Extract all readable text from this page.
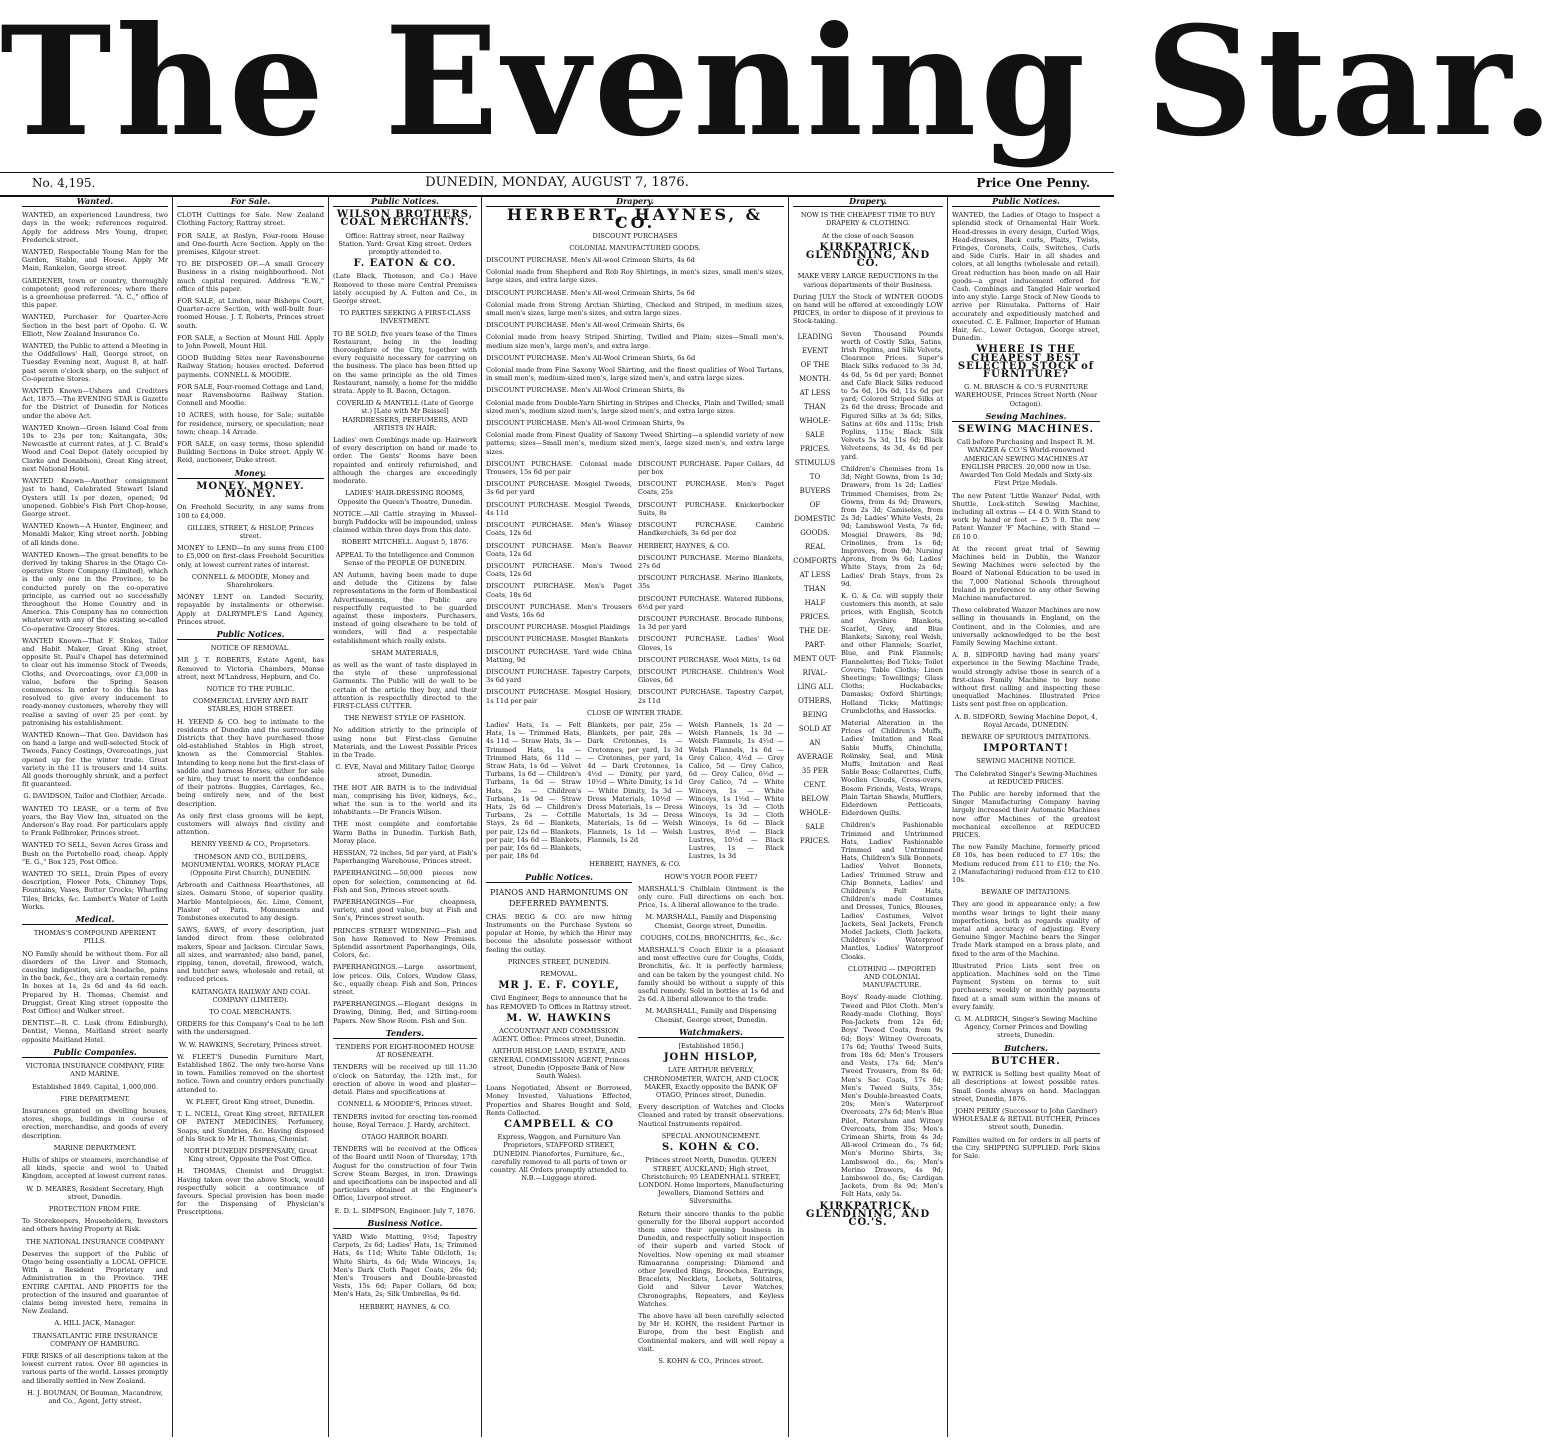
The Evening Star.
No. 4,195.	DUNEDIN, MONDAY, AUGUST 7, 1876.	Price One Penny.
Wanted.

WANTED, an experienced Laundress, two days in the week; references required. Apply for address Mrs Young, draper, Frederick street.

WANTED, Respectable Young Man for the Garden, Stable, and House. Apply Mr Main, Rankelon, George street.

GARDENER, town or country, thoroughly competent; good references; where there is a greenhouse preferred. "A. C.," office of this paper.

WANTED, Purchaser for Quarter-Acre Section in the best part of Opoho. G. W. Elliott, New Zealand Insurance Co.

WANTED, the Public to attend a Meeting in the Oddfellows' Hall, George street, on Tuesday Evening next, August 8, at half-past seven o'clock sharp, on the subject of Co-operative Stores.

WANTED Known—Ushers and Creditors Act, 1875.—The EVENING STAR is Gazette for the District of Dunedin for Notices under the above Act.

WANTED Known—Green Island Coal from 10s to 23s per ton; Kaitangata, 30s; Newcastle at current rates, at J. C. Brald's Wood and Coal Depot (lately occupied by Clarke and Donaldson), Great King street, next National Hotel.

WANTED Known—Another consignment just to hand, Celebrated Stewart Island Oysters still 1s per dozen, opened; 9d unopened. Gobbie's Fish Port Chop-house, George street.

WANTED Known—A Hunter, Engineer, and Monaldi Maker, King street north. Jobbing of all kinds done.

WANTED Known—The great benefits to be derived by taking Shares in the Otago Co-operative Store Company (Limited), which is the only one in the Province, to be conducted purely on the co-operative principle, as carried out so successfully throughout the Home Country and in America. This Company has no connection whatever with any of the existing so-called Co-operative Grocery Stores.

WANTED Known—That F. Stokes, Tailor and Habit Maker, Great King street, opposite St. Paul's Chapel has determined to clear out his immense Stock of Tweeds, Cloths, and Overcoatings, over £3,000 in value, before the Spring Season commences. In order to do this he has resolved to give every inducement to ready-money customers, whereby they will realise a saving of over 25 per cent. by patronising his establishment.

WANTED Known—That Geo. Davidson has on hand a large and well-selected Stock of Tweeds, Fancy Costings, Overcoatings, just opened up for the winter trade. Great variety in the 11 is trousers and 14 suits. All goods thoroughly shrunk, and a perfect fit guaranteed.

G. DAVIDSON, Tailor and Clothier, Arcade.

WANTED TO LEASE, or a term of five years, the Bay View Inn, situated on the Anderson's Bay road. For particulars apply to Frank Fellbroker, Princes street.

WANTED TO SELL, Seven Acres Grass and Bush on the Portobello road, cheap. Apply "E. G.," Box 125, Post Office.

WANTED TO SELL, Drain Pipes of every description, Flower Pots, Chimney Tops, Fountains, Vases, Butter Crocks; Wharfing Tiles, Bricks, &c. Lambert's Water of Leith Works.

Medical.

THOMAS'S COMPOUND APERIENT PILLS.

NO Family should be without them. For all disorders of the Liver and Stomach, causing indigestion, sick headache, pains in the back, &c., they are a certain remedy. In boxes at 1s, 2s 6d and 4s 6d each. Prepared by H. Thomas, Chemist and Druggist, Great King street (opposite the Post Office) and Walker street.

DENTIST.—R. C. Lusk (from Edinburgh), Dentist, Vienna, Maitland street nearly opposite Maitland Hotel.

Public Companies.

VICTORIA INSURANCE COMPANY, FIRE AND MARINE.

Established 1849. Capital, 1,000,000.

FIRE DEPARTMENT.

Insurances granted on dwelling houses, stores, shops, buildings in course of erection, merchandise, and goods of every description.

MARINE DEPARTMENT.

Hulls of ships or steamers, merchandise of all kinds, specie and wool to United Kingdom, accepted at lowest current rates.

W. D. MEARES, Resident Secretary, High street, Dunedin.

PROTECTION FROM FIRE.

To Storekeepers, Householders, Investors and others having Property at Risk.

THE NATIONAL INSURANCE COMPANY

Deserves the support of the Public of Otago being essentially a LOCAL OFFICE. With a Resident Proprietary and Administration in the Province. THE ENTIRE CAPITAL AND PROFITS for the protection of the insured and guarantee of claims being invested here, remains in New Zealand.

A. HILL JACK, Manager.

TRANSATLANTIC FIRE INSURANCE COMPANY OF HAMBURG.

FIRE RISKS of all descriptions taken at the lowest current rates. Over 80 agencies in various parts of the world. Losses promptly and liberally settled in New Zealand.

H. J. BOUMAN, Of Bouman, Macandrew, and Co., Agent, Jetty street.

For Sale.

CLOTH Cuttings for Sale. New Zealand Clothing Factory, Rattray street.

FOR SALE, at Roslyn, Four-room House and One-fourth Acre Section. Apply on the premises, Kilgour street.

TO BE DISPOSED OF.—A small Grocery Business in a rising neighbourhood. Not much capital required. Address "E.W.," office of this paper.

FOR SALE, at Linden, near Bishops Court, Quarter-acre Section, with well-built four-roomed House. J. T. Roberts, Princes street south.

FOR SALE, a Section at Mount Hill. Apply to John Powell, Mount Hill.

GOOD Building Sites near Ravensbourne Railway Station; houses erected. Deferred payments. CONNELL & MOODIE.

FOR SALE, Four-roomed Cottage and Land, near Ravensbourne Railway Station. Connell and Moodie.

10 ACRES, with house, for Sale; suitable for residence, nursery, or speculation; near town; cheap. 14 Arcade.

FOR SALE, on easy terms, those splendid Building Sections in Duke street. Apply W. Reid, auctioneer, Duke street.

Money.

MONEY. MONEY. MONEY.

On Freehold Security, in any sums from 100 to £4,000.

GILLIES, STREET, & HISLOP, Princes street.

MONEY to LEND—In any sums from £100 to £5,000 on first-class Freehold Securities only, at lowest current rates of interest.

CONNELL & MOODIE, Money and Sharebrokers.

MONEY LENT on Landed Security, repayable by instalments or otherwise. Apply at DALRYMPLE'S Land Agency, Princes street.

Public Notices.

NOTICE OF REMOVAL.

MR J. T. ROBERTS, Estate Agent, has Removed to Victoria Chambers, Manse street, next M'Landress, Hepburn, and Co.

NOTICE TO THE PUBLIC.

COMMERCIAL LIVERY AND BAIT STABLES, HIGH STREET.

H. YEEND & CO. beg to intimate to the residents of Dunedin and the surrounding Districts that they have purchased those old-established Stables in High street, known as the Commercial Stables. Intending to keep none but the first-class of saddle and harness Horses, either for sale or hire, they trust to merit the confidence of their patrons. Buggies, Carriages, &c., being entirely new, and of the best description.

As only first class grooms will be kept, customers will always find civility and attention.

HENRY YEEND & CO., Proprietors.

THOMSON AND CO., BUILDERS, MONUMENTAL WORKS, MORAY PLACE (Opposite First Church), DUNEDIN.

Arbroath and Caithness Hearthstones, all sizes. Oamaru Stone, of superior quality. Marble Mantelpieces, &c. Lime, Cement, Plaster of Paris. Monuments and Tombstones executed to any design.

SAWS, SAWS, of every description, just landed direct from these celebrated makers, Spear and Jackson. Circular Saws, all sizes, and warranted; also band, panel, ripping, tenon, dovetail, firewood, watch, and butcher saws, wholesale and retail, at reduced prices.

KAITANGATA RAILWAY AND COAL COMPANY (LIMITED).

TO COAL MERCHANTS.

ORDERS for this Company's Coal to be left with the undersigned.

W. W. HAWKINS, Secretary, Princes street.

W. FLEET'S Dunedin Furniture Mart, Established 1862. The only two-horse Vans in town. Families removed on the shortest notice. Town and country orders punctually attended to.

W. FLEET, Great King street, Dunedin.

T. L. NCELL, Great King street, RETAILER OF PATENT MEDICINES, Perfumery, Soaps, and Sundries, &c. Having disposed of his Stock to Mr H. Thomas, Chemist.

NORTH DUNEDIN DISPENSARY, Great King street, Opposite the Post Office.

H. THOMAS, Chemist and Druggist. Having taken over the above Stock, would respectfully solicit a continuance of favours. Special provision has been made for the Dispensing of Physician's Prescriptions.

Public Notices.

WILSON BROTHERS, COAL MERCHANTS.

Office: Rattray street, near Railway Station. Yard: Great King street. Orders promptly attended to.

F. EATON & CO.

(Late Black, Thomson, and Co.) Have Removed to those more Central Premises lately occupied by A. Fulton and Co., in George street.

TO PARTIES SEEKING A FIRST-CLASS INVESTMENT.

TO BE SOLD, five years lease of the Times Restaurant, being in the leading thoroughfare of the City, together with every requisite necessary for carrying on the business. The place has been fitted up on the same principle as the old Times Restaurant, namely, a home for the middle strata. Apply to R. Bacon, Octagon.

COVERLID & MANTELL (Late of George st.) [Late with Mr Beissel] HAIRDRESSERS, PERFUMERS, AND ARTISTS IN HAIR.

Ladies' own Combings made up. Hairwork of every description on hand or made to order. The Gents' Rooms have been repainted and entirely refurnished, and although the charges are exceedingly moderate.

LADIES' HAIR-DRESSING ROOMS, Opposite the Queen's Theatre, Dunedin.

NOTICE.—All Cattle straying in Mussel-burgh Paddocks will be impounded, unless claimed within three days from this date.

ROBERT MITCHELL. August 5, 1876.

APPEAL To the Intelligence and Common Sense of the PEOPLE OF DUNEDIN.

AN Autumn, having been made to dupe and delude the Citizens by false representations in the form of Bombastical Advertisements, the Public are respectfully requested to be guarded against these imposters. Purchasers, instead of going elsewhere to be told of wonders, will find a respectable establishment which really exists.

SHAM MATERIALS,

as well as the want of taste displayed in the style of these unprofessional Garments. The Public will do well to be certain of the article they buy, and their attention is respectfully directed to the FIRST-CLASS CUTTER.

THE NEWEST STYLE OF FASHION.

No addition strictly to the principle of using none but First-class Genuine Materials, and the Lowest Possible Prices in the Trade.

C. EVE, Naval and Military Tailor, George street, Dunedin.

THE HOT AIR BATH is to the individual man, comprising his liver, kidneys, &c., what the sun is to the world and its inhabitants.—Dr Francis Wilson.

THE most complete and comfortable Warm Baths in Dunedin. Turkish Bath, Moray place.

HESSIAN, 72 inches, 5d per yard, at Fish's Paperhanging Warehouse, Princes street.

PAPERHANGING.—50,000 pieces now open for selection, commencing at 6d. Fish and Son, Princes street south.

PAPERHANGINGS—For cheapness, variety, and good value, buy at Fish and Son's, Princes street south.

PRINCES STREET WIDENING—Fish and Son have Removed to New Premises. Splendid assortment Paperhangings, Oils, Colors, &c.

PAPERHANGINGS.—Large assortment, low prices. Oils, Colors, Window Glass, &c., equally cheap. Fish and Son, Princes street.

PAPERHANGINGS.—Elegant designs in Drawing, Dining, Bed, and Sitting-room Papers. New Show Room. Fish and Son.

Tenders.

TENDERS FOR EIGHT-ROOMED HOUSE AT ROSENEATH.

TENDERS will be received up till 11.30 o'clock on Saturday, the 12th inst., for erection of above in wood and plaster—detail. Plans and specifications at

CONNELL & MOODIE'S, Princes street.

TENDERS invited for erecting ten-roomed house, Royal Terrace. J. Hardy, architect.

OTAGO HARBOR BOARD.

TENDERS will be received at the Offices of the Board until Noon of Thursday, 17th August for the construction of four Twin Screw Steam Barges, in iron. Drawings and specifications can be inspected and all particulars obtained at the Engineer's Office, Liverpool street.

E. D. L. SIMPSON, Engineer. July 7, 1876.

Business Notice.

YARD Wide Matting, 9½d; Tapestry Carpets, 2s 6d; Ladies' Hats, 1s; Trimmed Hats, 4s 11d; White Table Oilcloth, 1s; White Shirts, 4s 6d; Wide Winceys, 1s; Men's Dark Cloth Paget Coats, 26s 6d; Men's Trousers and Double-breasted Vests, 15s 6d; Paper Collars, 6d box; Men's Hats, 2s; Silk Umbrellas, 9s 6d.

HERBERT, HAYNES, & CO.

Drapery.

HERBERT, HAYNES, & CO.

DISCOUNT PURCHASES

COLONIAL MANUFACTURED GOODS.

DISCOUNT PURCHASE. Men's All-wool Crimean Shirts, 4s 6d

Colonial made from Shepherd and Rob Roy Shirtings, in men's sizes, small men's sizes, large sizes, and extra large sizes.

DISCOUNT PURCHASE. Men's All-wool Crimean Shirts, 5s 6d

Colonial made from Strong Arctian Shirting, Checked and Striped, in medium sizes, small men's sizes, large men's sizes, and extra large sizes.

DISCOUNT PURCHASE. Men's All-wool Crimean Shirts, 6s

Colonial made from heavy Striped Shirting, Twilled and Plain; sizes—Small men's, medium size men's, large men's, and extra large.

DISCOUNT PURCHASE. Men's All-Wool Crimean Shirts, 6s 6d

Colonial made from Fine Saxony Wool Shirting, and the finest qualities of Wool Tartans, in small men's, medium-sized men's, large sized men's, and extra large sizes.

DISCOUNT PURCHASE. Men's All-Wool Crimean Shirts, 8s

Colonial made from Double-Yarn Shirting in Stripes and Checks, Plain and Twilled; small sized men's, medium sized men's, large sized men's, and extra large sizes.

DISCOUNT PURCHASE. Men's All-wool Crimean Shirts, 9s

Colonial made from Finest Quality of Saxony Tweed Shirting—a splendid variety of new patterns; sizes—Small men's, medium sized men's, large sized men's, and extra large sizes.

DISCOUNT PURCHASE. Colonial made Trousers, 15s 6d per pair

DISCOUNT PURCHASE. Mosgiel Tweeds, 3s 6d per yard

DISCOUNT PURCHASE. Mosgiel Tweeds, 4s 11d

DISCOUNT PURCHASE. Men's Winsey Coats, 12s 6d

DISCOUNT PURCHASE. Men's Beaver Coats, 12s 6d

DISCOUNT PURCHASE. Men's Tweed Coats, 12s 6d

DISCOUNT PURCHASE. Men's Paget Coats, 18s 6d

DISCOUNT PURCHASE. Men's Trousers and Vests, 16s 6d

DISCOUNT PURCHASE. Mosgiel Plaidings

DISCOUNT PURCHASE. Mosgiel Blankets

DISCOUNT PURCHASE. Yard wide China Matting, 9d

DISCOUNT PURCHASE. Tapestry Carpets, 3s 6d yard

DISCOUNT PURCHASE. Mosgiel Hosiery, 1s 11d per pair

DISCOUNT PURCHASE. Paper Collars, 4d per box

DISCOUNT PURCHASE. Men's Paget Coats, 25s

DISCOUNT PURCHASE. Knickerbocker Suits, 8s

DISCOUNT PURCHASE. Cambric Handkerchiefs, 3s 6d per doz

HERBERT, HAYNES, & CO.

DISCOUNT PURCHASE. Merino Blankets, 27s 6d

DISCOUNT PURCHASE. Merino Blankets, 35s

DISCOUNT PURCHASE. Watered Ribbons, 6½d per yard

DISCOUNT PURCHASE. Brocade Ribbons, 1s 3d per yard

DISCOUNT PURCHASE. Ladies' Wool Gloves, 1s

DISCOUNT PURCHASE. Wool Mitts, 1s 6d

DISCOUNT PURCHASE. Children's Wool Gloves, 6d

DISCOUNT PURCHASE. Tapestry Carpet, 2s 11d

CLOSE OF WINTER TRADE.

Ladies' Hats, 1s — Felt Hats, 1s — Trimmed Hats, 4s 11d — Straw Hats, 3s — Trimmed Hats, 1s — Trimmed Hats, 6s 11d — Straw Hats, 1s 6d — Velvet Turbans, 1s 6d — Children's Turbans, 1s 6d — Straw Hats, 2s — Children's Turbans, 1s 9d — Straw Hats, 2s 6d — Children's Turbans, 2s — Cottille Stays, 2s 6d — Blankets, per pair, 12s 6d — Blankets, per pair, 14s 6d — Blankets, per pair, 16s 6d — Blankets, per pair, 18s 6d
Blankets, per pair, 25s — Blankets, per pair, 28s — Dark Cretonnes, 1s — Cretonnes, per yard, 1s 3d — Cretonnes, per yard, 1s 4d — Dark Cretonnes, 1s 4½d — Dimity, per yard, 10½d — White Dimity, 1s 1d — White Dimity, 1s 3d — Dress Materials, 10½d — Dress Materials, 1s — Dress Materials, 1s 3d — Dress Materials, 1s 6d — Welsh Flannels, 1s 1d — Welsh Flannels, 1s 2d
Welsh Flannels, 1s 2d — Welsh Flannels, 1s 3d — Welsh Flannels, 1s 4½d — Welsh Flannels, 1s 6d — Grey Calico, 4½d — Grey Calico, 5d — Grey Calico, 6d — Grey Calico, 6½d — Grey Calico, 7d — White Winceys, 1s — White Winceys, 1s 1½d — White Winceys, 1s 3d — Cloth Winceys, 1s 3d — Cloth Winceys, 1s 6d — Black Lustres, 8½d — Black Lustres, 10½d — Black Lustres, 1s — Black Lustres, 1s 3d

HERBERT, HAYNES, & CO.

Public Notices.

PIANOS AND HARMONIUMS ON DEFERRED PAYMENTS.

CHAS. BEGG & CO. are now hiring Instruments on the Purchase System so popular at Home, by which the Hirer may become the absolute possessor without feeling the outlay.

PRINCES STREET, DUNEDIN.

REMOVAL.

MR J. E. F. COYLE,

Civil Engineer, Begs to announce that he has REMOVED To Offices in Rattray street.

M. W. HAWKINS

ACCOUNTANT AND COMMISSION AGENT. Office: Princes street, Dunedin.

ARTHUR HISLOP, LAND, ESTATE, AND GENERAL COMMISSION AGENT, Princes street, Dunedin (Opposite Bank of New South Wales).

Loans Negotiated, Absent or Borrowed, Money Invested, Valuations Effected, Properties and Shares Bought and Sold, Rents Collected.

CAMPBELL & CO

Express, Waggon, and Furniture Van Proprietors, STAFFORD STREET, DUNEDIN. Pianofortes, Furniture, &c., carefully removed to all parts of town or country. All Orders promptly attended to. N.B.—Luggage stored.

HOW'S YOUR POOR FEET?

MARSHALL'S Chilblain Ointment is the only cure. Full directions on each box. Price, 1s. A liberal allowance to the trade.

M. MARSHALL, Family and Dispensing Chemist, George street, Dunedin.

COUGHS, COLDS, BRONCHITIS, &c., &c.

MARSHALL'S Couch Elixir is a pleasant and most effective cure for Coughs, Colds, Bronchitis, &c. It is perfectly harmless, and can be taken by the youngest child. No family should be without a supply of this aseful remedy. Sold in bottles at 1s 6d and 2s 6d. A liberal allowance to the trade.

M. MARSHALL, Family and Dispensing Chemist, George street, Dunedin.

Watchmakers.

[Established 1856.]

JOHN HISLOP,

LATE ARTHUR BEVERLY, CHRONOMETER, WATCH, AND CLOCK MAKER, Exactly opposite the BANK OF OTAGO, Princes street, Dunedin.

Every description of Watches and Clocks Cleaned and rated by transit observations. Nautical Instruments repaired.

SPECIAL ANNOUNCEMENT.

S. KOHN & CO.

Princes street North, Dunedin. QUEEN STREET, AUCKLAND; High street, Christchurch; 95 LEADENHALL STREET, LONDON. Home Importers, Manufacturing Jewellers, Diamond Setters and Silversmiths.

Return their sincere thanks to the public generally for the liberal support accorded them since their opening business in Dunedin, and respectfully solicit inspection of their superb and varied Stock of Novelties. Now opening ex mail steamer Rimuaranna comprising: Diamond and other Jewelled Rings, Brooches, Earrings, Bracelets, Necklets, Lockets, Solitaires, Gold and Silver Lever Watches, Chronographs, Repeaters, and Keyless Watches.

The above have all been carefully selected by Mr H. KOHN, the resident Partner in Europe, from the best English and Continental makers, and will well repay a visit.

S. KOHN & CO., Princes street.

Drapery.

NOW IS THE CHEAPEST TIME TO BUY DRAPERY & CLOTHING.

At the close of each Season

KIRKPATRICK, GLENDINING, AND CO.

MAKE VERY LARGE REDUCTIONS In the various departments of their Business.

During JULY the Stock of WINTER GOODS on hand will be offered at exceedingly LOW PRICES, in order to dispose of it previous to Stock-taking.

LEADING
EVENT
OF THE
MONTH.
AT LESS
THAN
WHOLE-
SALE
PRICES.
STIMULUS
TO
BUYERS
OF
DOMESTIC
GOODS.
REAL
COMFORTS
AT LESS
THAN
HALF
PRICES.
THE DE-
PART-
MENT OUT-
RIVAL-
LING ALL
OTHERS,
BEING
SOLD AT
AN
AVERAGE
35 PER
CENT.
BELOW
WHOLE-
SALE
PRICES.

Seven Thousand Pounds worth of Costly Silks, Satins, Irish Poplins, and Silk Velvets, Clearance Prices. Super's Black Silks reduced to 3s 3d, 4s 6d, 5s 6d per yard; Bonnet and Cafe Black Silks reduced to 5s 6d, 10s 6d, 11s 6d per yard; Colored Striped Silks at 2s 6d the dress; Brocade and Figured Silks at 3s 6d; Silks, Satins at 60s and 115s; Irish Poplins, 115s; Black Silk Velvets 5s 3d, 11s 6d; Black Velveteens, 4s 3d, 4s 6d per yard.

Children's Chemises from 1s 3d; Night Gowns, from 1s 3d; Drawers, from 1s 2d; Ladies' Trimmed Chemises, from 2s; Gowns, from 4s 9d; Drawers, from 2s 3d; Camisoles, from 2s 3d; Ladies' White Vests, 2s 9d; Lambswool Vests, 7s 6d; Mosgiel Drawers, 8s 9d; Crinolines, from 1s 6d; Improvers, from 9d; Nursing Aprons, from 9s 6d; Ladies' White Stays, from 2s 6d; Ladies' Drab Stays, from 2s 9d.

K. G. & Co. will supply their customers this month, at sale prices, with English, Scotch and Ayrshire Blankets, Scarlet, Grey, and Blue Blankets; Saxony, real Welsh, and other Flannels; Scarlet, Blue, and Pink Flannels; Flannelettes; Bed Ticks; Toilet Covers; Table Cloths; Linen Sheetings; Towellings; Glass Cloths; Huckabacks; Damasks; Oxford Shirtings; Holland Ticks; Mattings; Crumbcloths, and Hassocks.

Material Alteration in the Prices of Children's Muffs, Ladies' Imitation and Real Sable Muffs, Chinchilla, Rolinsky, Seal, and Mink Muffs, Imitation and Real Sable Boas; Collarettes, Cuffs, Woollen Clouds, Cross-overs, Bosom Friends, Vests, Wraps, Plain Tartan Shawls, Mufflers, Eiderdown Petticoats, Eiderdown Quilts.

Children's Fashionable Trimmed and Untrimmed Hats, Ladies' Fashionable Trimmed and Untrimmed Hats, Children's Silk Bonnets, Ladies' Velvet Bonnets, Ladies' Trimmed Straw and Chip Bonnets, Ladies' and Children's Felt Hats, Children's made Costumes and Dresses, Tunics, Blouses, Ladies' Costumes, Velvet Jackets, Seal Jackets, French Model Jackets, Cloth Jackets, Children's Waterproof Mantles, Ladies' Waterproof Cloaks.

CLOTHING — IMPORTED AND COLONIAL MANUFACTURE.

Boys' Ready-made Clothing, Tweed and Pilot Cloth. Men's Ready-made Clothing, Boys' Pea-Jackets from 12s 6d; Boys' Tweed Coats, from 9s 6d; Boys' Witney Overcoats, 17s 6d; Youths' Tweed Suits, from 18s 6d; Men's Trousers and Vests, 17s 6d; Men's Tweed Trousers, from 8s 6d; Men's Sac Coats, 17s 6d; Men's Tweed Suits, 35s; Men's Double-breasted Coats, 20s; Men's Waterproof Overcoats, 27s 6d; Men's Blue Pilot, Petersham and Witney Overcoats, from 35s; Men's Crimean Shirts, from 4s 3d; All-wool Crimean do., 7s 6d; Men's Merino Shirts, 3s; Lambswool do., 6s; Men's Merino Drawers, 4s 9d; Lambswool do., 6s; Cardigan Jackets, from 8s 9d; Men's Felt Hats, only 5s.

KIRKPATRICK, GLENDINING, AND CO.'S.

Public Notices.

WANTED, the Ladies of Otago to Inspect a splendid stock of Ornamental Hair Work. Head-dresses in every design, Curled Wigs, Head-dresses, Back curls, Plaits, Twists, Fringes, Coronets, Coils, Switches, Curls and Side Curls. Hair in all shades and colors, at all lengths (wholesale and retail). Great reduction has been made on all Hair goods—a great inducement offered for Cash. Combings and Tangled Hair worked into any style. Large Stock of New Goods to arrive per Rimutaka. Patterns of Hair accurately and expeditiously matched and executed. C. E. Fallmer, Importer of Human Hair, &c., Lower Octagon, George street, Dunedin.

WHERE IS THE CHEAPEST BEST SELECTED STOCK of FURNITURE?

G. M. BRASCH & CO.'S FURNITURE WAREHOUSE, Princes Street North (Near Octagon).

Sewing Machines.

SEWING MACHINES.

Call before Purchasing and Inspect R. M. WANZER & CO.'S World-renowned AMERICAN SEWING MACHINES AT ENGLISH PRICES. 20,000 now in Use. Awarded Ten Gold Medals and Sixty-six First Prize Medals.

The new Patent 'Little Wanzer' Pedal, with Shuttle, Lock-stitch Sewing Machine, including all extras — £4 4 0. With Stand to work by hand or foot — £5 5 0. The new Patent Wanzer 'F' Machine, with Stand — £6 10 0.

At the recent great trial of Sewing Machines held in Dublin, the Wanzer Sewing Machines were selected by the Board of National Education to be used in the 7,000 National Schools throughout Ireland in preference to any other Sewing Machine manufactured.

These celebrated Wanzer Machines are now selling in thousands in England, on the Continent, and in the Colonies, and are universally acknowledged to be the best Family Sewing Machine extant.

A. B. SIDFORD having had many years' experience in the Sewing Machine Trade, would strongly advise those in search of a first-class Family Machine to buy none without first calling and inspecting these unequalled Machines. Illustrated Price Lists sent post free on application.

A. B. SIDFORD, Sewing Machine Depot, 4, Royal Arcade, DUNEDIN.

BEWARE OF SPURIOUS IMITATIONS.

IMPORTANT!

SEWING MACHINE NOTICE.

The Celebrated Singer's Sewing-Machines at REDUCED PRICES.

The Public are hereby informed that the Singer Manufacturing Company having largely increased their Automatic Machines now offer Machines of the greatest mechanical excellence at REDUCED PRICES.

The new Family Machine, formerly priced £8 10s, has been reduced to £7 10s; the Medium reduced from £11 to £10; the No. 2 (Manufacturing) reduced from £12 to £10 10s.

BEWARE OF IMITATIONS.

They are good in appearance only; a few months wear brings to light their many imperfections, both as regards quality of metal and accuracy of adjusting. Every Genuine Singer Machine bears the Singer Trade Mark stamped on a brass plate, and fixed to the arm of the Machine.

Illustrated Price Lists sent free on application. Machines sold on the Time Payment System on terms to suit purchasers; weekly or monthly payments fixed at a small sum within the means of every family.

G. M. ALDRICH, Singer's Sewing Machine Agency, Corner Princes and Dowling streets, Dunedin.

Butchers.

BUTCHER.

W. PATRICK is Selling best quality Meat of all descriptions at lowest possible rates. Small Goods always on hand. Maclaggan street, Dunedin, 1876.

JOHN PERRY (Successor to John Gardner) WHOLESALE & RETAIL BUTCHER, Princes street south, Dunedin.

Families waited on for orders in all parts of the City. SHIPPING SUPPLIED. Pork Skins for Sale.
